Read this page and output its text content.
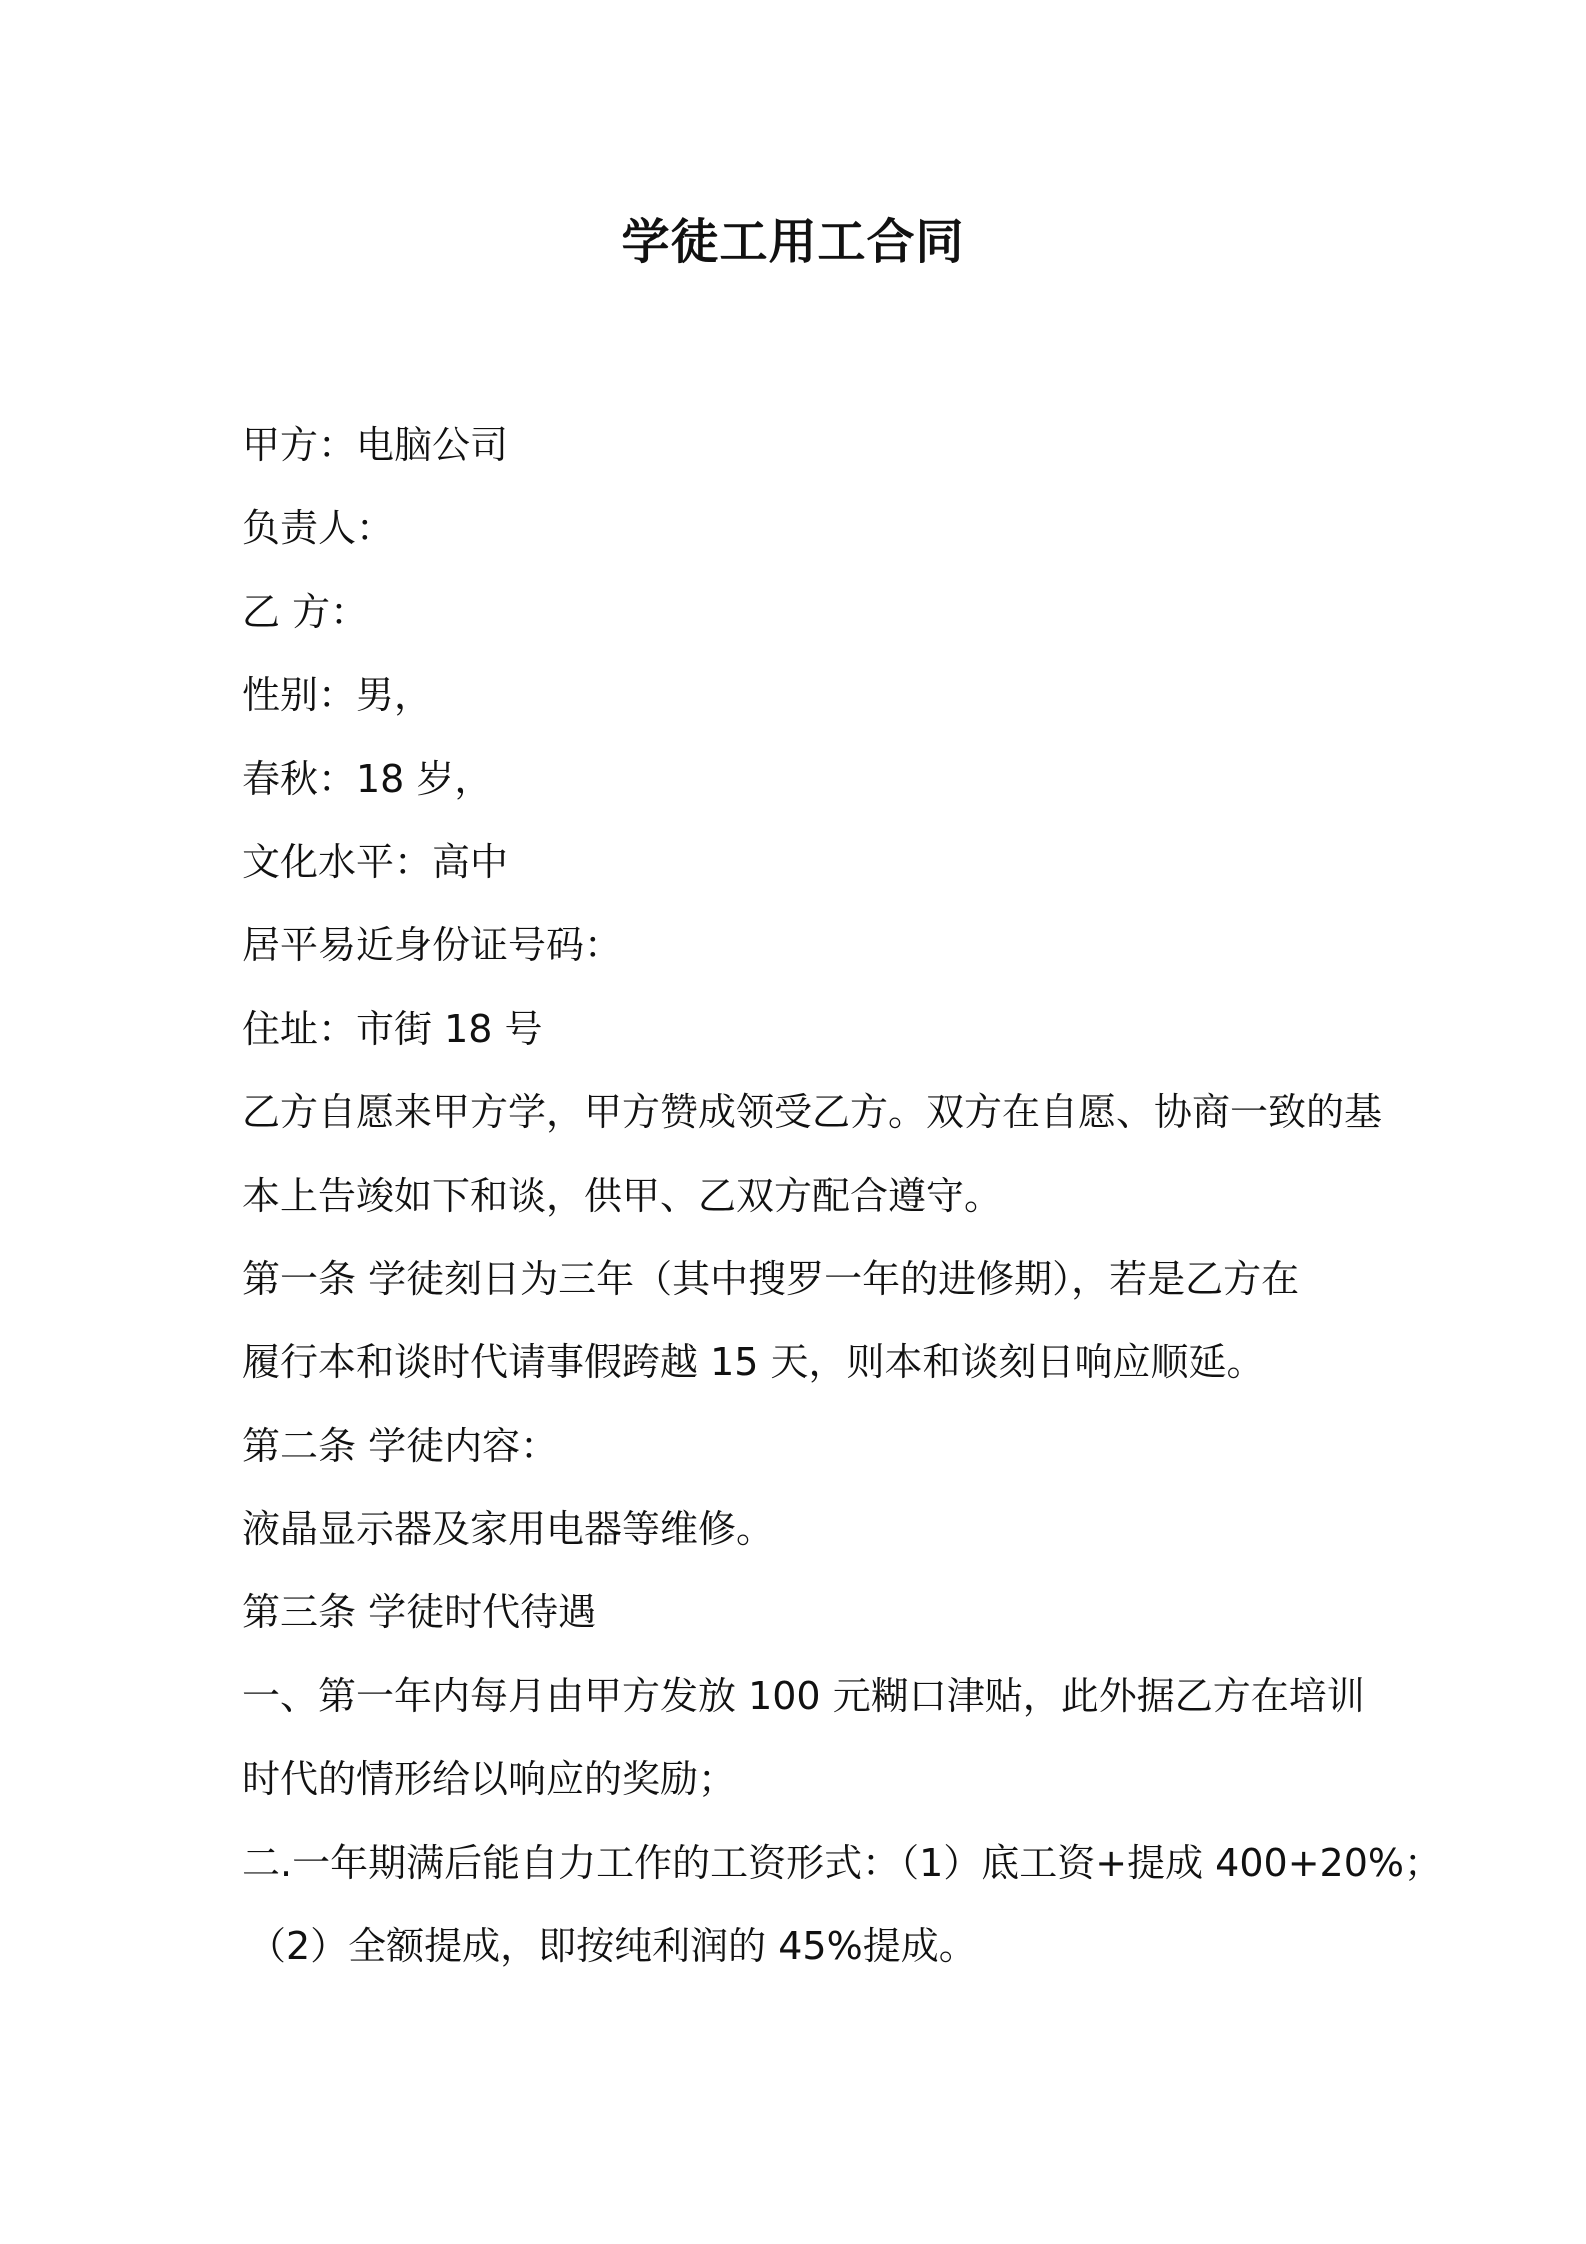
学徒工用工合同

甲方：电脑公司

负责人：

乙 方：

性别：男，

春秋：18 岁，

文化水平：高中

居平易近身份证号码：

住址：市街 18 号

乙方自愿来甲方学，甲方赞成领受乙方。双方在自愿、协商一致的基

本上告竣如下和谈，供甲、乙双方配合遵守。

第一条 学徒刻日为三年（其中搜罗一年的进修期），若是乙方在

履行本和谈时代请事假跨越 15 天，则本和谈刻日响应顺延。

第二条 学徒内容：

液晶显示器及家用电器等维修。

第三条 学徒时代待遇

一、第一年内每月由甲方发放 100 元糊口津贴，此外据乙方在培训

时代的情形给以响应的奖励；

二.一年期满后能自力工作的工资形式：（1）底工资+提成 400+20%；

（2）全额提成，即按纯利润的 45%提成。
